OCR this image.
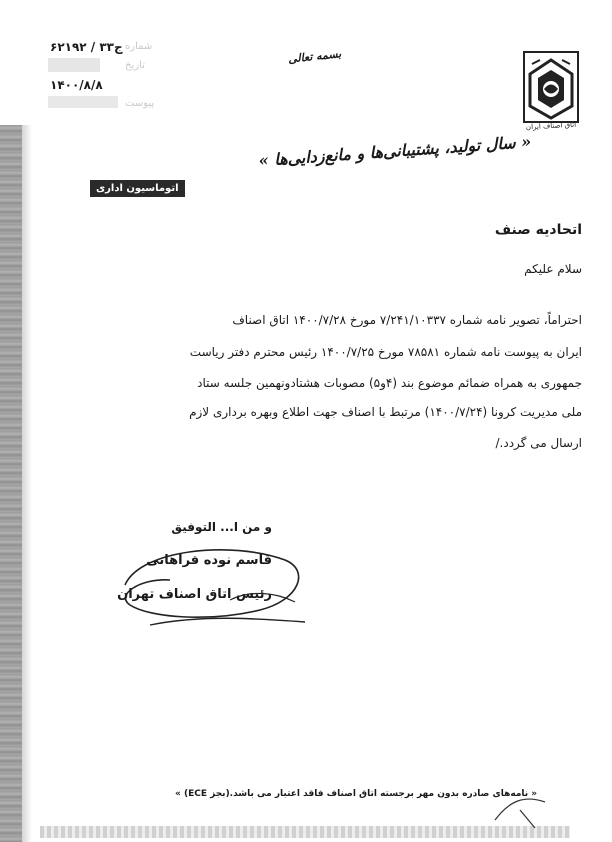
۶۲۱۹۲ / ۳۳ج
۱۴۰۰/۸/۸
شماره
تاریخ
پیوست
بسمه تعالی
اتاق اصناف ایران
« سال تولید، پشتیبانی‌ها و مانع‌زدایی‌ها »
اتوماسیون اداری
اتحادیه صنف
سلام علیکم
احتراماً، تصویر نامه شماره ۷/۲۴۱/۱۰۳۳۷ مورخ ۱۴۰۰/۷/۲۸ اتاق اصناف
ایران به پیوست نامه شماره ۷۸۵۸۱ مورخ ۱۴۰۰/۷/۲۵ رئیس محترم دفتر ریاست
جمهوری به همراه ضمائم موضوع بند (۴و۵) مصوبات هشتادونهمین جلسه ستاد
ملی مدیریت کرونا (۱۴۰۰/۷/۲۴) مرتبط با اصناف جهت اطلاع وبهره برداری لازم
ارسال می گردد./
و من ا... التوفیق
قاسم نوده فراهانی
رئیس اتاق اصناف تهران
« نامه‌های صادره بدون مهر برجسته اتاق اصناف فاقد اعتبار می باشد.(بجز ECE) »
